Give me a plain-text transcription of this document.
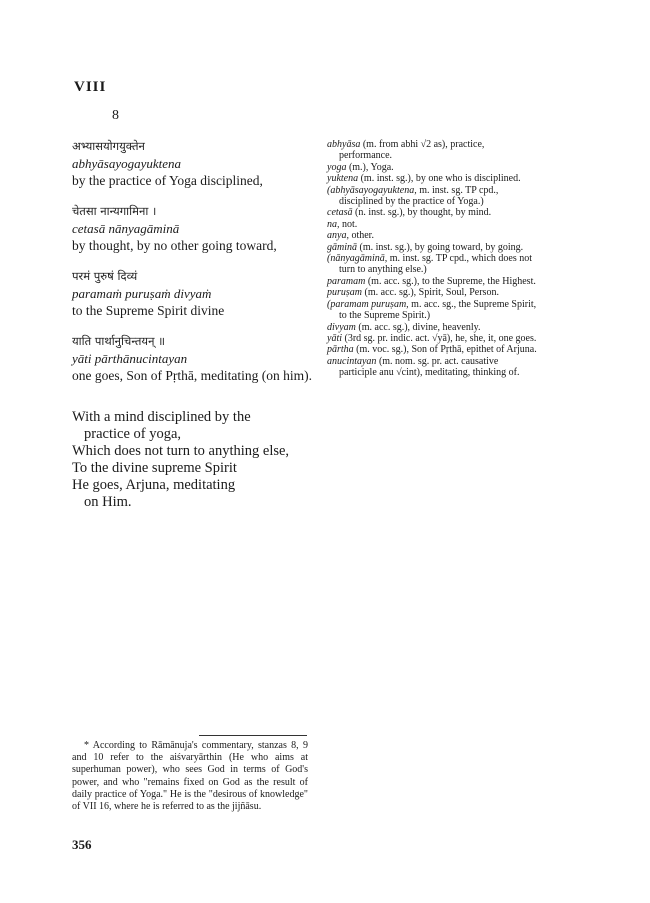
VIII
8
अभ्यासयोगयुक्तेन
abhyāsayogayuktena
by the practice of Yoga disciplined,
चेतसा नान्यगामिना ।
cetasā nānyagāminā
by thought, by no other going toward,
परमं पुरुषं दिव्यं
paramaṁ puruṣaṁ divyaṁ
to the Supreme Spirit divine
याति पार्थानुचिन्तयन् ॥
yāti pārthānucintayan
one goes, Son of Pṛthā, meditating (on him).
With a mind disciplined by the
practice of yoga,
Which does not turn to anything else,
To the divine supreme Spirit
He goes, Arjuna, meditating
on Him.
abhyāsa (m. from abhi √2 as), practice, performance.
yoga (m.), Yoga.
yuktena (m. inst. sg.), by one who is disciplined.
(abhyāsayogayuktena, m. inst. sg. TP cpd., disciplined by the practice of Yoga.)
cetasā (n. inst. sg.), by thought, by mind.
na, not.
anya, other.
gāminā (m. inst. sg.), by going toward, by going.
(nānyagāminā, m. inst. sg. TP cpd., which does not turn to anything else.)
paramam (m. acc. sg.), to the Supreme, the Highest.
puruṣam (m. acc. sg.), Spirit, Soul, Person.
(paramam puruṣam, m. acc. sg., the Supreme Spirit, to the Supreme Spirit.)
divyam (m. acc. sg.), divine, heavenly.
yāti (3rd sg. pr. indic. act. √yā), he, she, it, one goes.
pārtha (m. voc. sg.), Son of Pṛthā, epithet of Arjuna.
anucintayan (m. nom. sg. pr. act. causative participle anu √cint), meditating, thinking of.
* According to Rāmānuja's commentary, stanzas 8, 9 and 10 refer to the aiśvaryārthin (He who aims at superhuman power), who sees God in terms of God's power, and who "remains fixed on God as the result of daily practice of Yoga." He is the "desirous of knowledge" of VII 16, where he is referred to as the jijñāsu.
356
